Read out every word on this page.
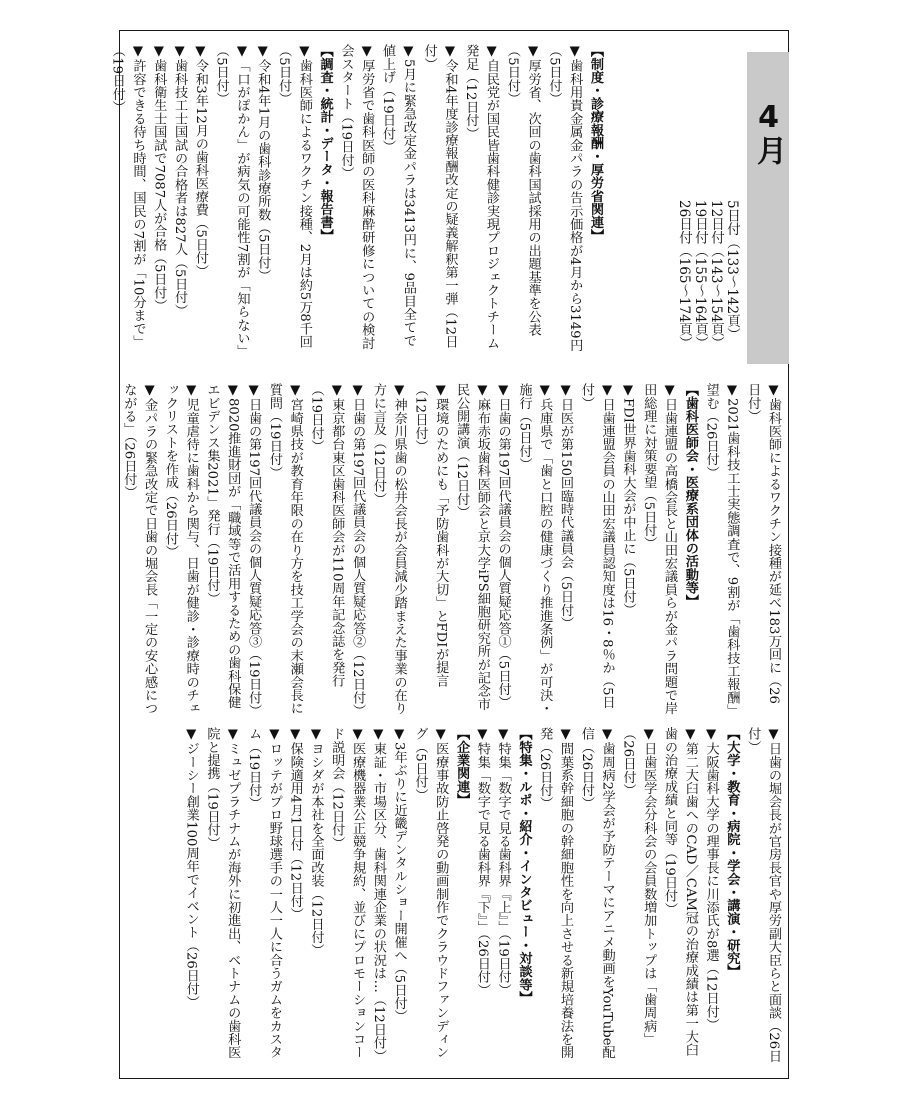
4月
5日付（133〜142頁）
12日付（143〜154頁）
19日付（155〜164頁）
26日付（165〜174頁）

【制度・診療報酬・厚労省関連】

▼歯科用貴金属金パラの告示価格が4月から3149円（5日付）

▼厚労省、次回の歯科国試採用の出題基準を公表（5日付）

▼自民党が国民皆歯科健診実現プロジェクトチーム発足（12日付）

▼令和4年度診療報酬改定の疑義解釈第一弾（12日付）

▼5月に緊急改定金パラは3413円に、9品目全てで値上げ（19日付）

▼厚労省で歯科医師の医科麻酔研修についての検討会スタート（19日付）

【調査・統計・データ・報告書】

▼歯科医師によるワクチン接種、2月は約5万8千回（5日付）

▼令和4年1月の歯科診療所数（5日付）

▼「口がぽかん」が病気の可能性7割が「知らない」（5日付）

▼令和3年12月の歯科医療費（5日付）

▼歯科技工士国試の合格者は827人（5日付）

▼歯科衛生士国試で7087人が合格（5日付）

▼許容できる待ち時間、国民の7割が「10分まで」（19日付）

▼歯科医師によるワクチン接種が延べ183万回に（26日付）

▼2021歯科技工士実態調査で、9割が「歯科技工報酬」望む（26日付）

【歯科医師会・医療系団体の活動等】

▼日歯連盟の高橋会長と山田宏議員らが金パラ問題で岸田総理に対策要望（5日付）

▼FDI世界歯科大会が中止に（5日付）

▼日歯連盟会員の山田宏議員認知度は16・8％か（5日付）

▼日医が第150回臨時代議員会（5日付）

▼兵庫県で「歯と口腔の健康づくり推進条例」が可決・施行（5日付）

▼日歯の第197回代議員会の個人質疑応答①（5日付）

▼麻布赤坂歯科医師会と京大学iPS細胞研究所が記念市民公開講演（12日付）

▼環境のためにも「予防歯科が大切」とFDIが提言（12日付）

▼神奈川県歯の松井会長が会員減少踏まえた事業の在り方に言及（12日付）

▼日歯の第197回代議員会の個人質疑応答②（12日付）

▼東京都台東区歯科医師会が110周年記念誌を発行（19日付）

▼宮崎県技が教育年限の在り方を技工学会の末瀬会長に質問（19日付）

▼日歯の第197回代議員会の個人質疑応答③（19日付）

▼8020推進財団が「職域等で活用するための歯科保健エビデンス集2021」発行（19日付）

▼児童虐待に歯科から関与、日歯が健診・診療時のチェックリストを作成（26日付）

▼金パラの緊急改定で日歯の堀会長「一定の安心感につながる」（26日付）

▼日歯の堀会長が官房長官や厚労副大臣らと面談（26日付）

【大学・教育・病院・学会・講演・研究】

▼大阪歯科大学の理事長に川添氏が8選（12日付）

▼第二大臼歯へのCAD／CAM冠の治療成績は第一大臼歯の治療成績と同等（19日付）

▼日歯医学会分科会の会員数増加トップは「歯周病」（26日付）

▼歯周病2学会が予防テーマにアニメ動画をYouTube配信（26日付）

▼間葉系幹細胞の幹細胞性を向上させる新規培養法を開発（26日付）

【特集・ルポ・紹介・インタビュー・対談等】

▼特集「数字で見る歯科界『上』」（19日付）

▼特集「数字で見る歯科界『下』」（26日付）

【企業関連】

▼医療事故防止啓発の動画制作でクラウドファンディング（5日付）

▼3年ぶりに近畿デンタルショー開催へ（5日付）

▼東証・市場区分、歯科関連企業の状況は…（12日付）

▼医療機器業公正競争規約、並びにプロモーションコード説明会（12日付）

▼ヨシダが本社を全面改装（12日付）

▼保険適用4月1日付（12日付）

▼ロッテがプロ野球選手の一人一人に合うガムをカスタム（19日付）

▼ミュゼプラチナムが海外に初進出、ベトナムの歯科医院と提携（19日付）

▼ジーシー創業100周年でイベント（26日付）
